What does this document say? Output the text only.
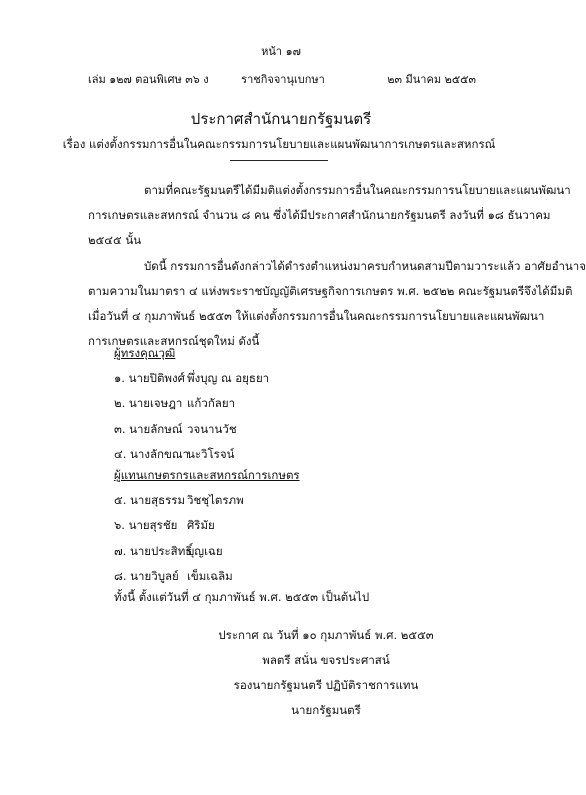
หน้า ๑๗
เล่ม ๑๒๗ ตอนพิเศษ ๓๖ ง	ราชกิจจานุเบกษา	๒๓ มีนาคม ๒๕๕๓
ประกาศสำนักนายกรัฐมนตรี
เรื่อง แต่งตั้งกรรมการอื่นในคณะกรรมการนโยบายและแผนพัฒนาการเกษตรและสหกรณ์
ตามที่คณะรัฐมนตรีได้มีมติแต่งตั้งกรรมการอื่นในคณะกรรมการนโยบายและแผนพัฒนา
การเกษตรและสหกรณ์ จำนวน ๘ คน ซึ่งได้มีประกาศสำนักนายกรัฐมนตรี ลงวันที่ ๑๘ ธันวาคม
๒๕๔๕ นั้น
บัดนี้ กรรมการอื่นดังกล่าวได้ดำรงตำแหน่งมาครบกำหนดสามปีตามวาระแล้ว อาศัยอำนาจ
ตามความในมาตรา ๔ แห่งพระราชบัญญัติเศรษฐกิจการเกษตร พ.ศ. ๒๕๒๒ คณะรัฐมนตรีจึงได้มีมติ
เมื่อวันที่ ๔ กุมภาพันธ์ ๒๕๕๓ ให้แต่งตั้งกรรมการอื่นในคณะกรรมการนโยบายและแผนพัฒนา
การเกษตรและสหกรณ์ชุดใหม่ ดังนี้
ผู้ทรงคุณวุฒิ
๑. นายปิติพงศ์ พึ่งบุญ ณ อยุธยา
๒. นายเจษฎา แก้วกัลยา
๓. นายลักษณ์ วจนานวัช
๔. นางลักขณา
นะวิโรจน์
ผู้แทนเกษตรกรและสหกรณ์การเกษตร
๕. นายสุธรรม วิชชุไตรภพ
๖. นายสุรชัย ศิริมัย
๗. นายประสิทธิ์
บุญเฉย
๘. นายวิบูลย์ เข็มเฉลิม
ทั้งนี้ ตั้งแต่วันที่ ๔ กุมภาพันธ์ พ.ศ. ๒๕๕๓ เป็นต้นไป
ประกาศ ณ วันที่ ๑๐ กุมภาพันธ์ พ.ศ. ๒๕๕๓
พลตรี สนั่น ขจรประศาสน์
รองนายกรัฐมนตรี ปฏิบัติราชการแทน
นายกรัฐมนตรี
